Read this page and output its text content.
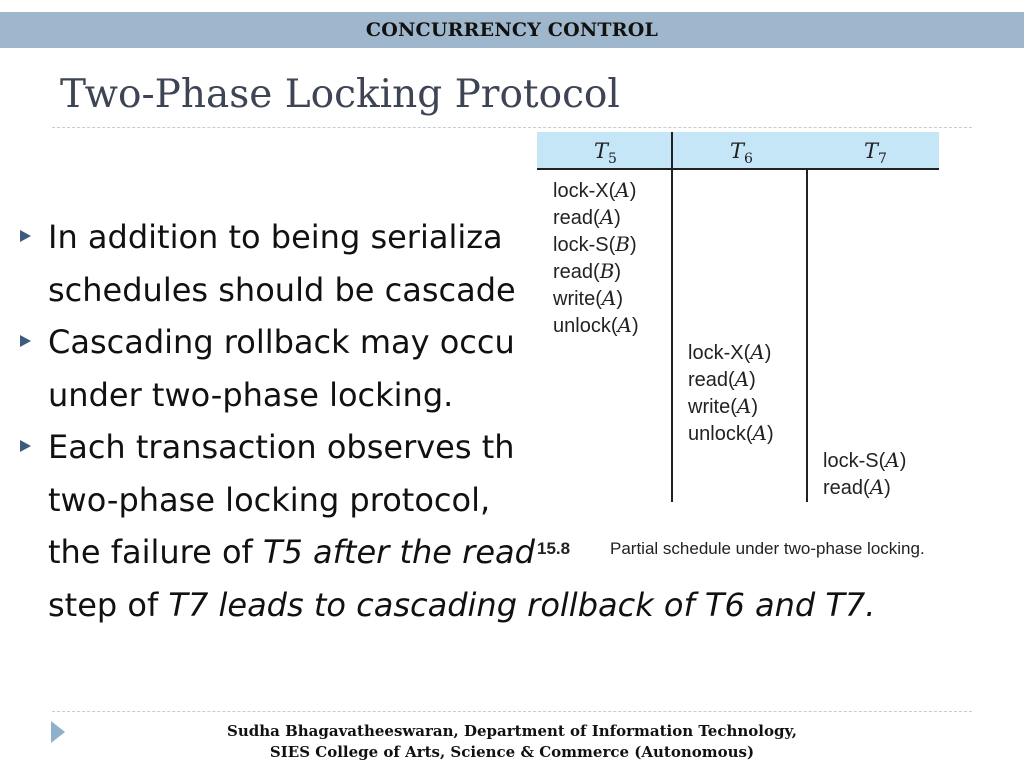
CONCURRENCY CONTROL
Two-Phase Locking Protocol
In addition to being serializa
schedules should be cascade
Cascading rollback may occu
under two-phase locking.
Each transaction observes th
two-phase locking protocol,
the failure of T5 after the read
step of T7 leads to cascading rollback of T6 and T7.
$T_5$	$T_6$	$T_7$
lock-X(A)
read(A)
lock-S(B)
read(B)
write(A)
unlock(A)
lock-X(A)
read(A)
write(A)
unlock(A)
lock-S(A)
read(A)
15.8 Partial schedule under two-phase locking.
Sudha Bhagavatheeswaran, Department of Information Technology,
SIES College of Arts, Science & Commerce (Autonomous)
